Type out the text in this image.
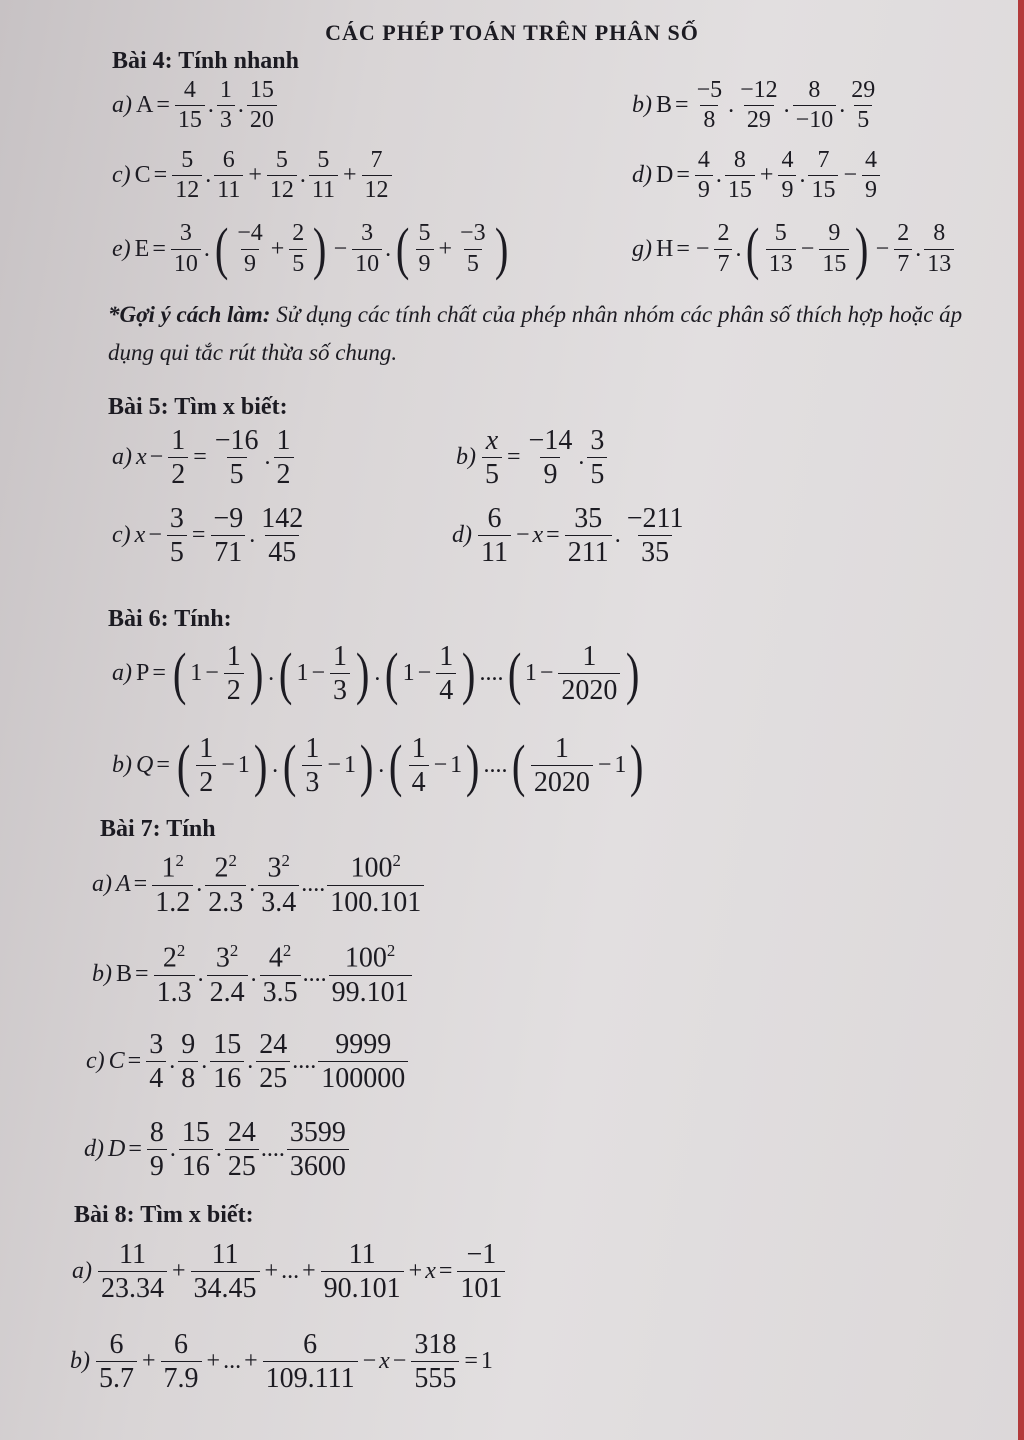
CÁC PHÉP TOÁN TRÊN PHÂN SỐ
Bài 4: Tính nhanh
a) $A = \frac{4}{15}$ . $\frac{1}{3}$ . $\frac{15}{20}$	b) $B = \frac{-5}{8}$ . $\frac{-12}{29}$ . $\frac{8}{-10}$ . $\frac{29}{5}$
c) $C = \frac{5}{12}$ . $\frac{6}{11} + \frac{5}{12}$ . $\frac{5}{11} + \frac{7}{12}$	d) $D = \frac{4}{9}$ . $\frac{8}{15} + \frac{4}{9}$ . $\frac{7}{15} - \frac{4}{9}$
e) $E = \frac{3}{10}$ . ( $\frac{-4}{9} + \frac{2}{5}$ ) − $\frac{3}{10}$ . ( $\frac{5}{9} + \frac{-3}{5}$ )	g) H = − $\frac{2}{7}$ . ( $\frac{5}{13} - \frac{9}{15}$ ) − $\frac{2}{7}$ . $\frac{8}{13}$
*Gợi ý cách làm: Sử dụng các tính chất của phép nhân nhóm các phân số thích hợp hoặc áp dụng qui tắc rút thừa số chung.
Bài 5: Tìm x biết:
a) $x - \frac{1}{2} = \frac{-16}{5}$ . $\frac{1}{2}$	$b) \frac{x}{5} = \frac{-14}{9}$ . $\frac{3}{5}$
c) $x - \frac{3}{5} = \frac{-9}{71}$ . $\frac{142}{45}$	$d) \frac{6}{11} - x = \frac{35}{211}$ . $\frac{-211}{35}$
Bài 6: Tính:
a) P = ( $1 - \frac{1}{2}$ ) . ( $1 - \frac{1}{3}$ ) . ( $1 - \frac{1}{4}$ ) .... ( $1 - \frac{1}{2020}$ )
b) Q = ( $\frac{1}{2} - 1$ ) . ( $\frac{1}{3} - 1$ ) . ( $\frac{1}{4} - 1$ ) .... ( $\frac{1}{2020} - 1$ )
Bài 7: Tính
a) $A = \frac{1^2}{1.2}$ . $\frac{2^2}{2.3}$ . $\frac{3^2}{3.4}$ .... $\frac{100^2}{100.101}$
b) $B = \frac{2^2}{1.3}$ . $\frac{3^2}{2.4}$ . $\frac{4^2}{3.5}$ .... $\frac{100^2}{99.101}$
c) $C = \frac{3}{4}$ . $\frac{9}{8}$ . $\frac{15}{16}$ . $\frac{24}{25}$ .... $\frac{9999}{100000}$
d) $D = \frac{8}{9}$ . $\frac{15}{16}$ . $\frac{24}{25}$ .... $\frac{3599}{3600}$
Bài 8: Tìm x biết:
$a) \frac{11}{23.34} + \frac{11}{34.45}$ + ... + $\frac{11}{90.101} + x = \frac{-1}{101}$
$b) \frac{6}{5.7} + \frac{6}{7.9}$ + ... + $\frac{6}{109.111} - x - \frac{318}{555} = 1$
